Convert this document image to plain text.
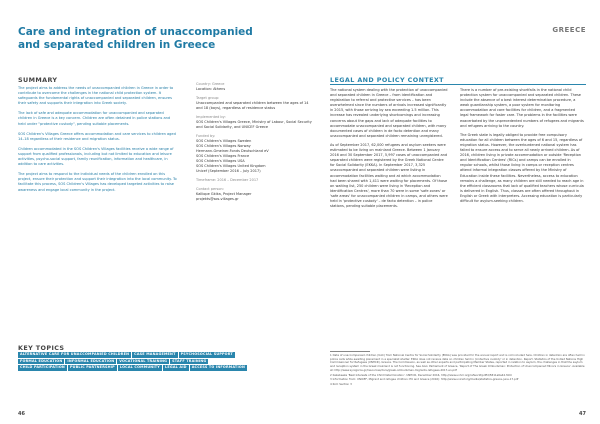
Care and integration of unaccompanied and separated children in Greece
GREECE
SUMMARY

The project aims to address the needs of unaccompanied children in Greece in order to contribute to overcome the challenges in the national child protection system. It safeguards the fundamental rights of unaccompanied and separated children, ensures their safety and supports their integration into Greek society.

The lack of safe and adequate accommodation for unaccompanied and separated children in Greece is a key concern. Children are often detained in police stations and held under "protective custody", pending suitable placements.

SOS Children's Villages Greece offers accommodation and care services to children aged 14–18 regardless of their residence and migration status.

Children accommodated in the SOS Children's Villages facilities receive a wide range of support from qualified professionals, including but not limited to education and leisure activities, psycho-social support, family reunification, information and healthcare, in addition to care activities.

The project aims to respond to the individual needs of the children enrolled on this project, ensure their protection and support their integration into the local community. To facilitate this process, SOS Children's Villages has developed targeted activities to raise awareness and engage local community in the project.

Country: Greece
Location: Athens
Target group:
Unaccompanied and separated children between the ages of 14 and 18 (boys), regardless of residence status
Implemented by:
SOS Children's Villages Greece, Ministry of Labour, Social Security and Social Solidarity, and UNICEF Greece
Funded by:
SOS Children's Villages Sweden
SOS Children's Villages Norway
Hermann-Gmeiner-Fonds Deutschland eV
SOS Children's Villages France
SOS Children's Villages USA
SOS Children's Villages United Kingdom
Unicef (September 2016 – July 2017)
Timeframe: 2016 – December 2017
Contact person:
Kalliope Gkika, Project Manager
projekts@sos-villages.gr
LEGAL AND POLICY CONTEXT

The national system dealing with the protection of unaccompanied and separated children in Greece – from identification and registration to referral and protective services – has been overwhelmed since the numbers of arrivals increased significantly in 2015, with those arriving by sea exceeding 1.5 million. This increase has revealed underlying shortcomings and increasing concerns about the gaps and lack of adequate facilities to accommodate unaccompanied and separated children, with many documented cases of children in de facto detention and many unaccompanied and separated children remaining unregistered.

As of September 2017, 62,000 refugees and asylum seekers were estimated to be living on mainland Greece. Between 1 January 2016 and 30 September 2017, 5,997 cases of unaccompanied and separated children were registered by the Greek National Centre for Social Solidarity (EKKA). In September 2017, 3,325 unaccompanied and separated children were listing in accommodation facilities waiting and at which accommodation had been shared with 1,411 were waiting for placements. Of those on waiting list, 250 children were living in 'Reception and Identification Centres', more than 70 were in some 'safe zones' or 'safe areas' for unaccompanied children in camps, and others were held in 'protective custody' – de facto detention – in police stations, pending suitable placements.

There is a number of pre-existing shortfalls in the national child protection system for unaccompanied and separated children. These include the absence of a best interest determination procedure, a weak guardianship system, a poor system for monitoring accommodation and care facilities for children, and a fragmented legal framework for foster care. The problems in the facilities were exacerbated by the unprecedented numbers of refugees and migrants and refugees arriving to the country.

The Greek state is legally obliged to provide free compulsory education for all children between the ages of 6 and 15, regardless of migration status. However, the overburdened national system has failed to ensure access and to serve all newly arrived children. As of 2016, children living in private accommodation or outside 'Reception and Identification Centres' (RICs) and camps can be enrolled in regular schools, whilst those living in camps or reception centres attend informal integration classes offered by the Ministry of Education inside these facilities. Nevertheless, access to education remains a challenge, as many children are still needed to reach age in the efficient classrooms that lack of qualified teachers whose curricula is delivered in English. Thus, classes are often offered throughout in English or Greek with interpreters. Accessing education is particularly difficult for asylum-seeking children.

KEY TOPICS
ALTERNATIVE CARE FOR UNACCOMPANIED CHILDREN	CASE MANAGEMENT	PSYCHOSOCIAL SUPPORT
FORMAL EDUCATION	INFORMAL EDUCATION	VOCATIONAL TRAINING	STAFF TRAINING
CHILD PARTICIPATION	PUBLIC PARTNERSHIP	LOCAL COMMUNITY	LEGAL AID	ACCESS TO INFORMATION

1 Data of unaccompanied children (UAC) from National Centre for Social Solidarity (EKKA) was provided for the annual report and is not included here. Children in detention are often held in police cells while awaiting placement in a specialist shelter. EKKA does not receive data on children held in 'protective custody' or in detention. Report. Statistics of the United Nations High Commissioner for Refugees (UNHCR). Greece. The Commission, as well as other experts and participating Member States, reported in relation to asylum, the challenges in that the asylum and reception system in the Greek mainland is not functioning. See Also: Parliament of Greece, 'Report of The Greek Ombudsman: Protection of Unaccompanied Minors in Greece'. Available at: http://www.synigoros.gr/resources/docs/greek-ombudsman-migrants-refugees-2017-en.pdf

2 Kakebeeke 'Best Interests of the Child Determination'. UNHCR, December 2016, http://www.unhcr.org/refworld/pdfid/5811a6a44.html

3 Information from: UNICEF, Migrant and refugee children: EU and Greece (2016): http://www.unicef.org/media/statistics-greece-june-17.pdf

4 Ibid: Section 3

46	47
